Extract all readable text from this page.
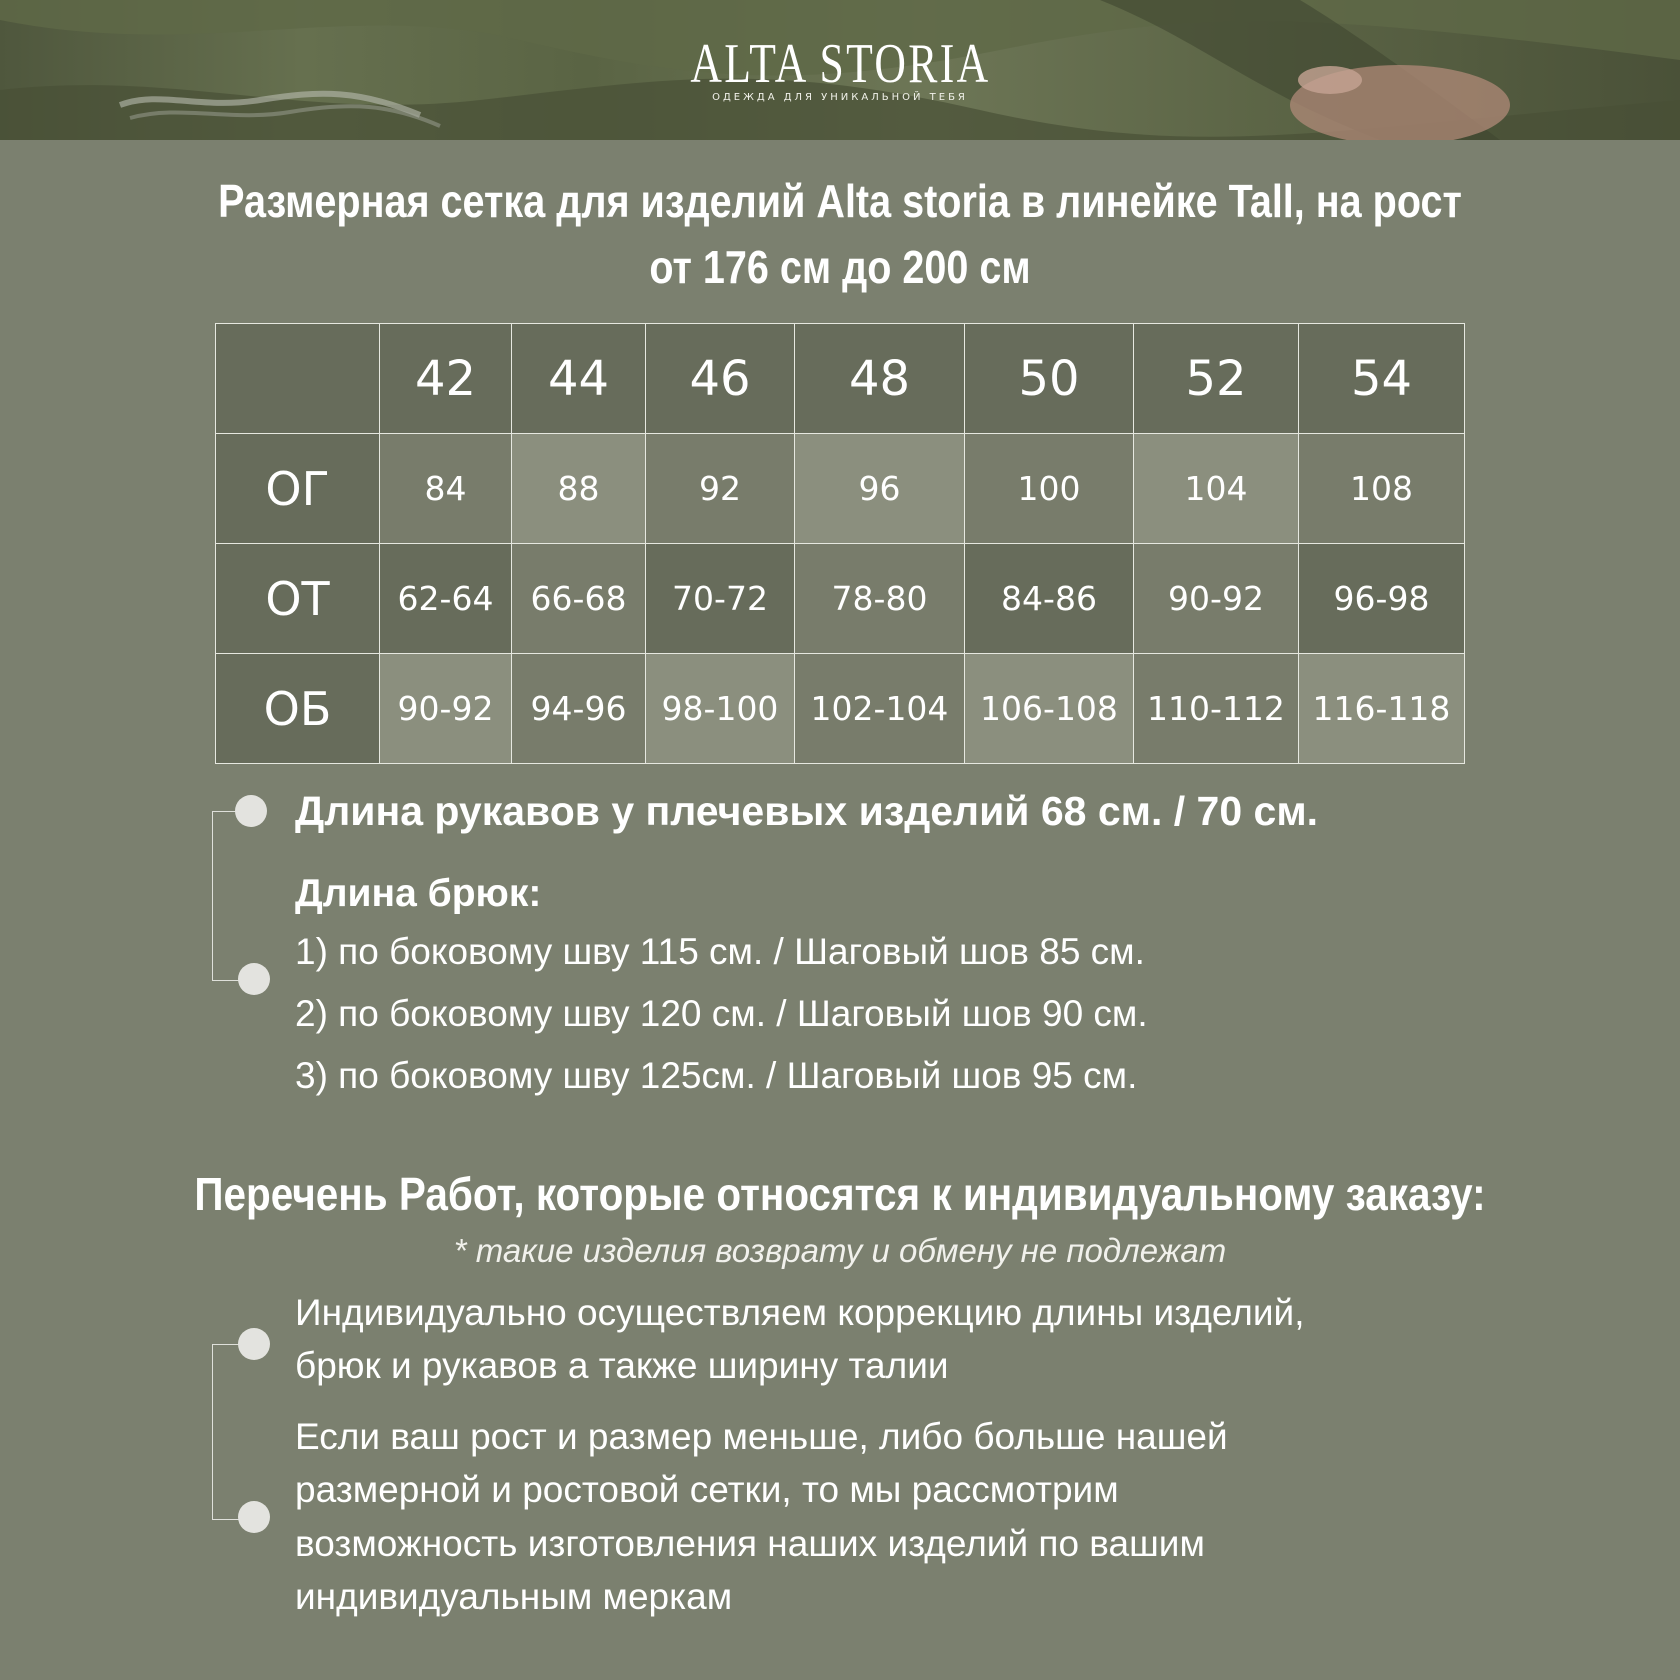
ALTA STORIA
ОДЕЖДА ДЛЯ УНИКАЛЬНОЙ ТЕБЯ
Размерная сетка для изделий Alta storia в линейке Tall, на рост
от 176 см до 200 см
	42	44	46	48	50	52	54
ОГ	84	88	92	96	100	104	108
ОТ	62-64	66-68	70-72	78-80	84-86	90-92	96-98
ОБ	90-92	94-96	98-100	102-104	106-108	110-112	116-118
Длина рукавов у плечевых изделий 68 см. / 70 см.
Длина брюк:
1) по боковому шву 115 см. / Шаговый шов 85 см.
2) по боковому шву 120 см. / Шаговый шов 90 см.
3) по боковому шву 125см. / Шаговый шов 95 см.
Перечень Работ, которые относятся к индивидуальному заказу:
* такие изделия возврату и обмену не подлежат
Индивидуально осуществляем коррекцию длины изделий,
брюк и рукавов а также ширину талии
Если ваш рост и размер меньше, либо больше нашей
размерной и ростовой сетки, то мы рассмотрим
возможность изготовления наших изделий по вашим
индивидуальным меркам
